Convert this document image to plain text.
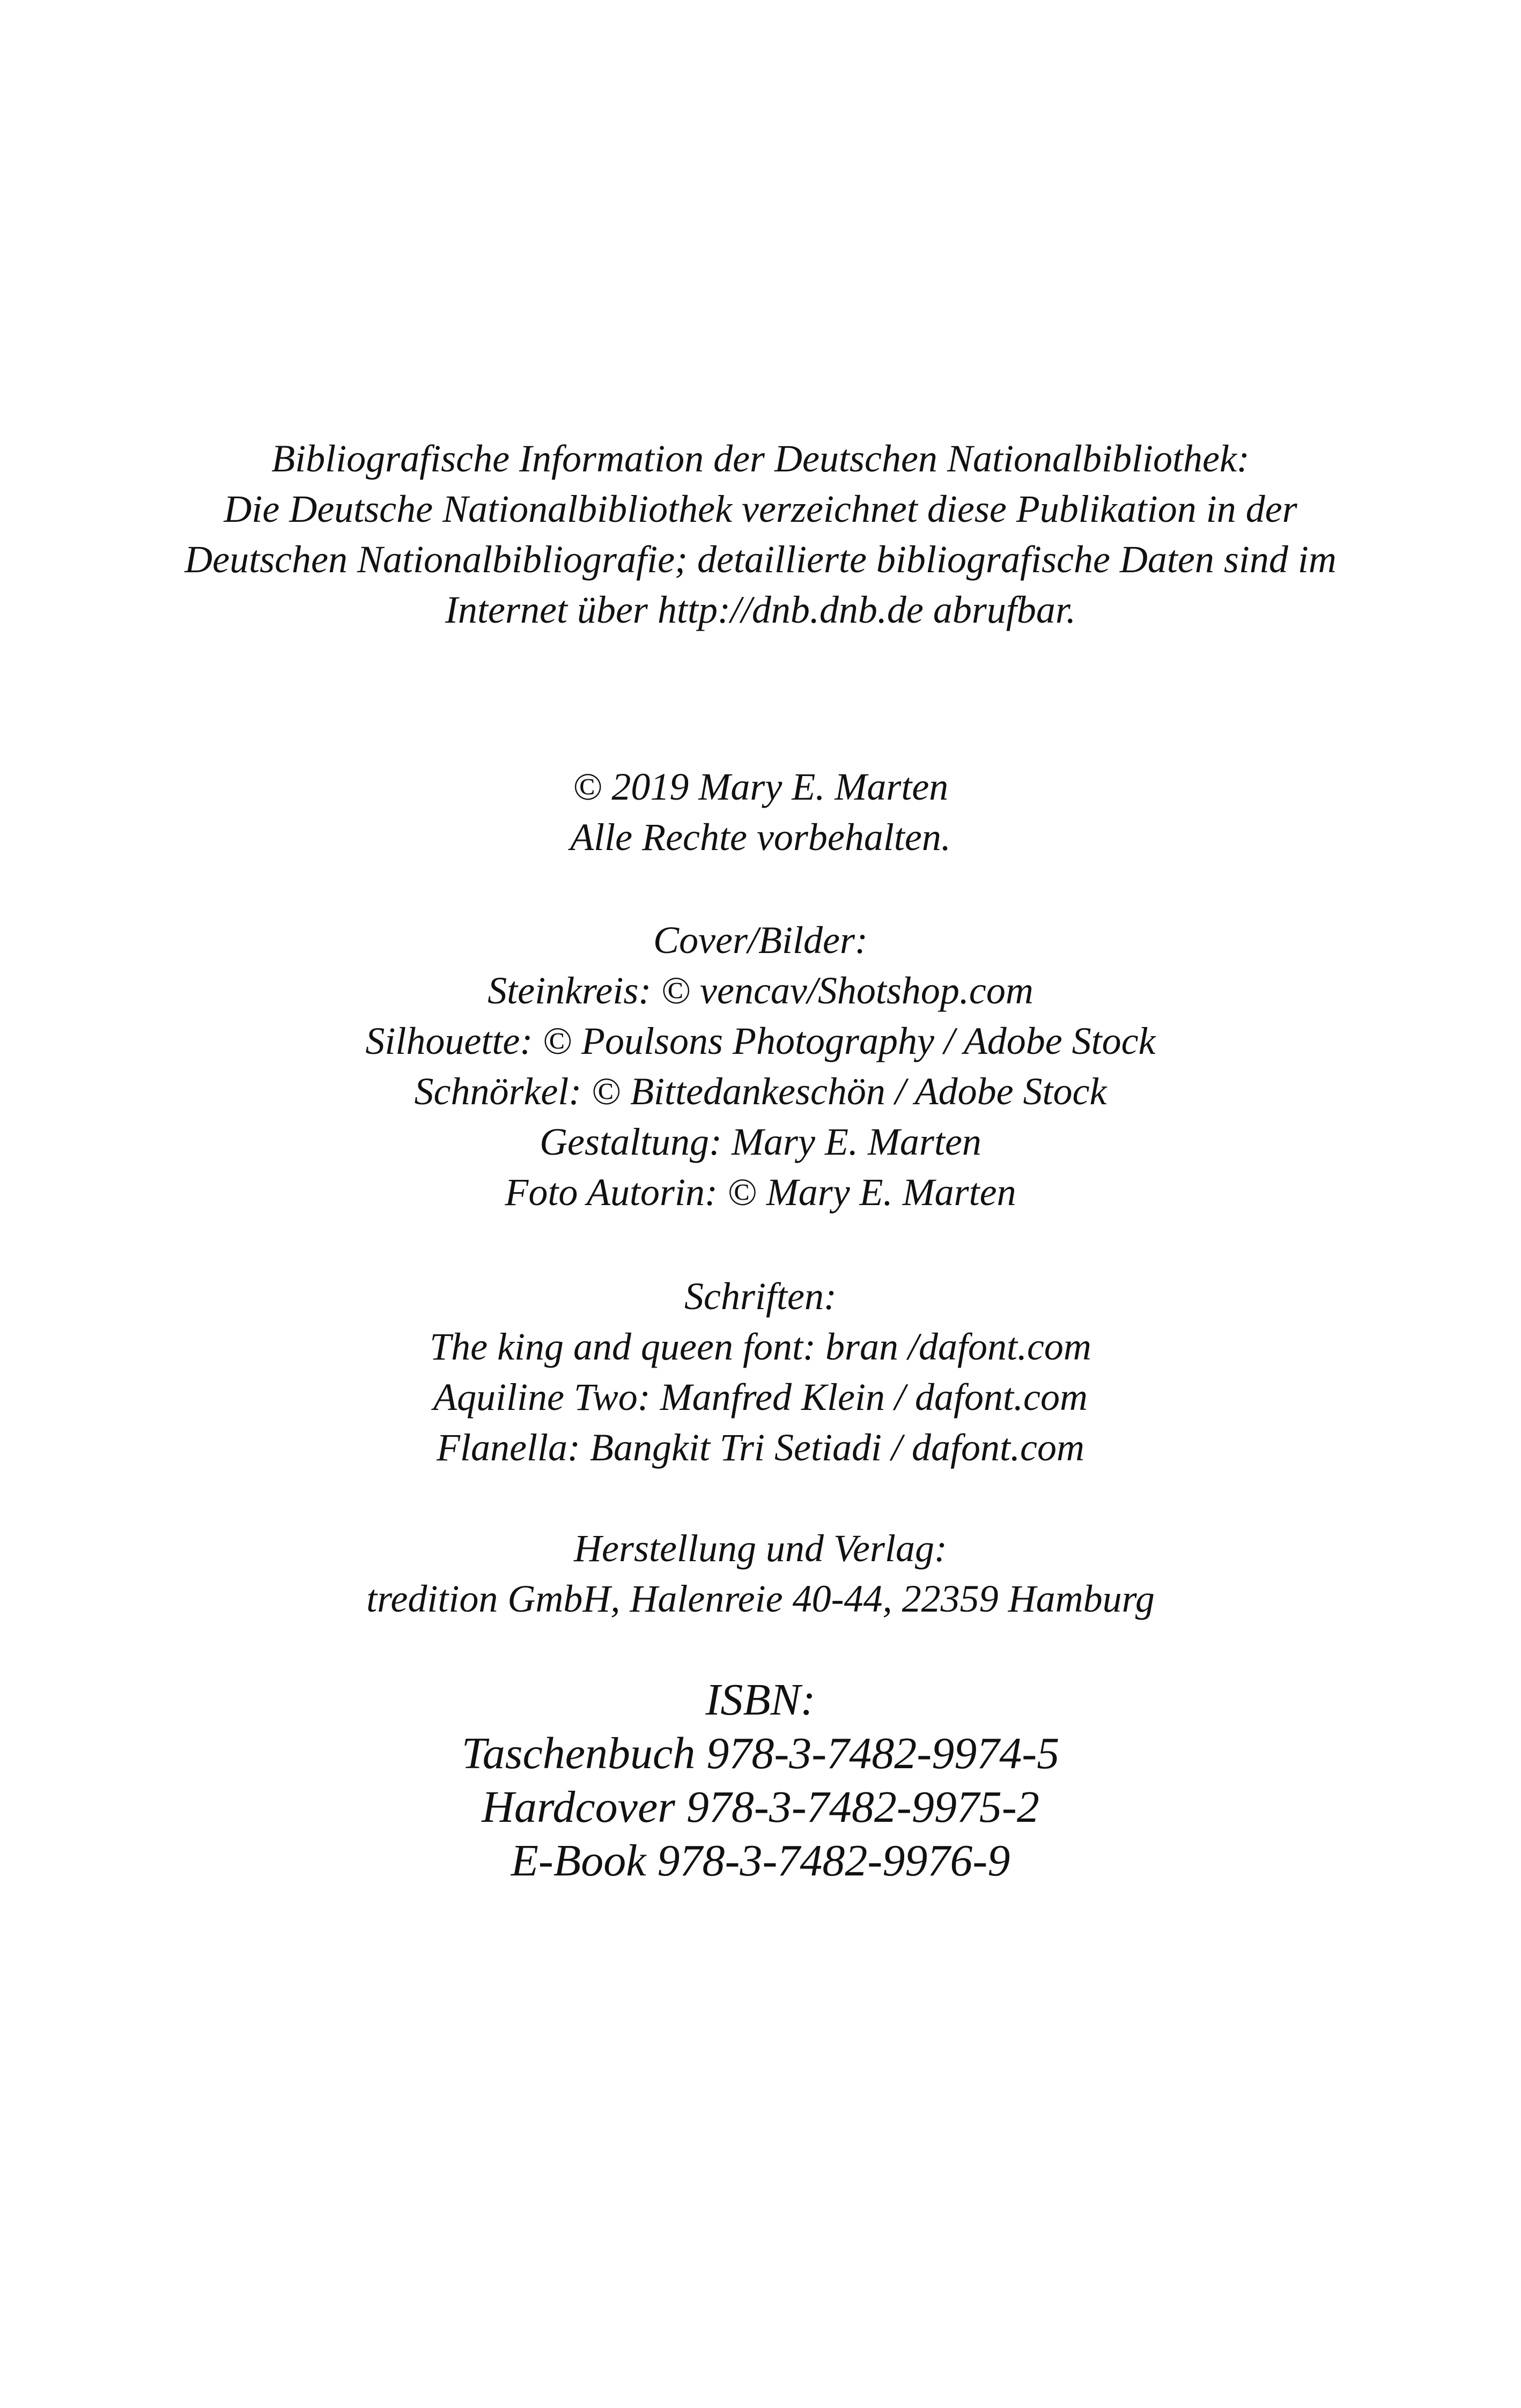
Bibliografische Information der Deutschen Nationalbibliothek:
Die Deutsche Nationalbibliothek verzeichnet diese Publikation in der
Deutschen Nationalbibliografie; detaillierte bibliografische Daten sind im
Internet über http://dnb.dnb.de abrufbar.
© 2019 Mary E. Marten
Alle Rechte vorbehalten.
Cover/Bilder:
Steinkreis: © vencav/Shotshop.com
Silhouette: © Poulsons Photography / Adobe Stock
Schnörkel: © Bittedankeschön / Adobe Stock
Gestaltung: Mary E. Marten
Foto Autorin: © Mary E. Marten
Schriften:
The king and queen font: bran /dafont.com
Aquiline Two: Manfred Klein / dafont.com
Flanella: Bangkit Tri Setiadi / dafont.com
Herstellung und Verlag:
tredition GmbH, Halenreie 40-44, 22359 Hamburg
ISBN:
Taschenbuch 978-3-7482-9974-5
Hardcover 978-3-7482-9975-2
E-Book 978-3-7482-9976-9
